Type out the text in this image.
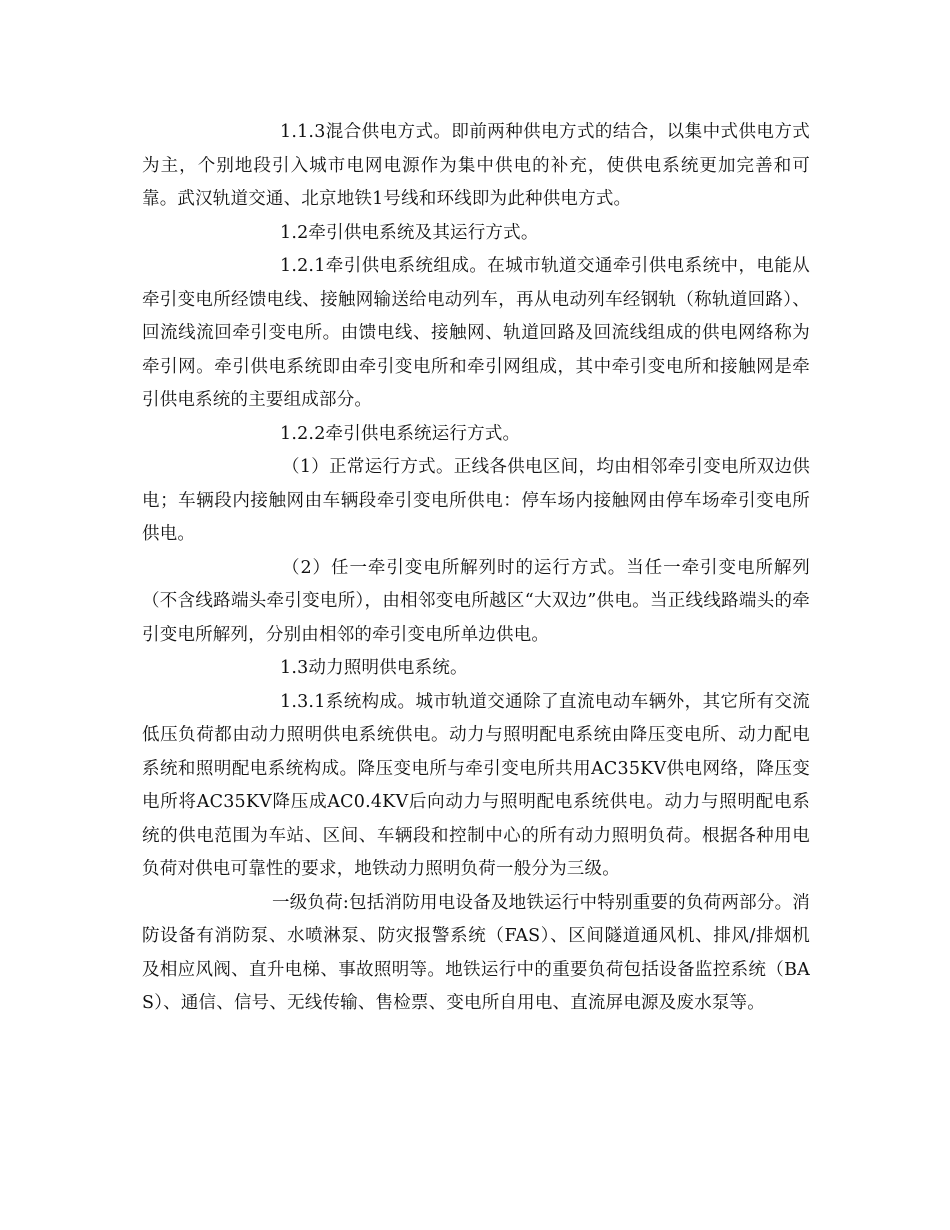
1.1.3混合供电方式。即前两种供电方式的结合，以集中式供电方式为主，个别地段引入城市电网电源作为集中供电的补充，使供电系统更加完善和可靠。武汉轨道交通、北京地铁1号线和环线即为此种供电方式。

1.2牵引供电系统及其运行方式。

1.2.1牵引供电系统组成。在城市轨道交通牵引供电系统中，电能从牵引变电所经馈电线、接触网输送给电动列车，再从电动列车经钢轨（称轨道回路）、回流线流回牵引变电所。由馈电线、接触网、轨道回路及回流线组成的供电网络称为牵引网。牵引供电系统即由牵引变电所和牵引网组成，其中牵引变电所和接触网是牵引供电系统的主要组成部分。

1.2.2牵引供电系统运行方式。

（1）正常运行方式。正线各供电区间，均由相邻牵引变电所双边供电；车辆段内接触网由车辆段牵引变电所供电：停车场内接触网由停车场牵引变电所供电。

（2）任一牵引变电所解列时的运行方式。当任一牵引变电所解列（不含线路端头牵引变电所），由相邻变电所越区“大双边”供电。当正线线路端头的牵引变电所解列，分别由相邻的牵引变电所单边供电。

1.3动力照明供电系统。

1.3.1系统构成。城市轨道交通除了直流电动车辆外，其它所有交流低压负荷都由动力照明供电系统供电。动力与照明配电系统由降压变电所、动力配电系统和照明配电系统构成。降压变电所与牵引变电所共用AC35KV供电网络，降压变电所将AC35KV降压成AC0.4KV后向动力与照明配电系统供电。动力与照明配电系统的供电范围为车站、区间、车辆段和控制中心的所有动力照明负荷。根据各种用电负荷对供电可靠性的要求，地铁动力照明负荷一般分为三级。

一级负荷:包括消防用电设备及地铁运行中特别重要的负荷两部分。消防设备有消防泵、水喷淋泵、防灾报警系统（FAS）、区间隧道通风机、排风/排烟机及相应风阀、直升电梯、事故照明等。地铁运行中的重要负荷包括设备监控系统（BAS）、通信、信号、无线传输、售检票、变电所自用电、直流屏电源及废水泵等。
